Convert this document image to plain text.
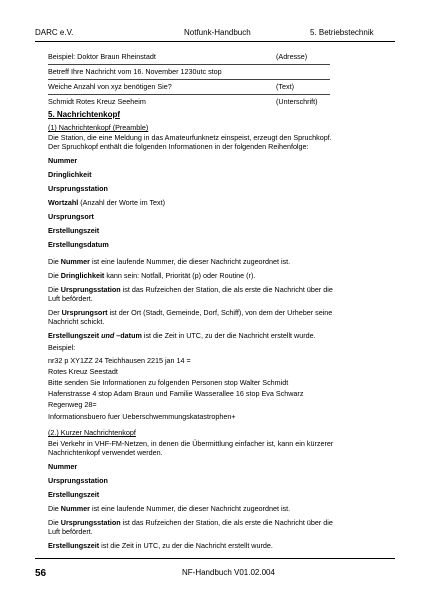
DARC e.V.	Notfunk-Handbuch	5. Betriebstechnik
Beispiel: Doktor Braun Rheinstadt	(Adresse)
Betreff Ihre Nachricht vom 16. November 1230utc stop
Weiche Anzahl von xyz benötigen Sie?	(Text)
Schmidt Rotes Kreuz Seeheim	(Unterschrift)
5. Nachrichtenkopf
(1) Nachrichtenkopf (Preamble)
Die Station, die eine Meldung in das Amateurfunknetz einspeist, erzeugt den Spruchkopf.
Der Spruchkopf enthält die folgenden Informationen in der folgenden Reihenfolge:
Nummer
Dringlichkeit
Ursprungsstation
Wortzahl (Anzahl der Worte im Text)
Ursprungsort
Erstellungszeit
Erstellungsdatum
Die Nummer ist eine laufende Nummer, die dieser Nachricht zugeordnet ist.
Die Dringlichkeit kann sein: Notfall, Priorität (p) oder Routine (r).
Die Ursprungsstation ist das Rufzeichen der Station, die als erste die Nachricht über die
Luft befördert.
Der Ursprungsort ist der Ort (Stadt, Gemeinde, Dorf, Schiff), von dem der Urheber seine
Nachricht schickt.
Erstellungszeit und –datum ist die Zeit in UTC, zu der die Nachricht erstellt wurde.
Beispiel:
nr32 p XY1ZZ 24 Teichhausen 2215 jan 14 =
Rotes Kreuz Seestadt
Bitte senden Sie Informationen zu folgenden Personen stop Walter Schmidt
Hafenstrasse 4 stop Adam Braun und Familie Wasserallee 16 stop Eva Schwarz
Regenweg 28=
Informationsbuero fuer Ueberschwemmungskatastrophen+
(2.) Kurzer Nachrichtenkopf
Bei Verkehr in VHF-FM-Netzen, in denen die Übermittlung einfacher ist, kann ein kürzerer
Nachrichtenkopf verwendet werden.
Nummer
Ursprungsstation
Erstellungszeit
Die Nummer ist eine laufende Nummer, die dieser Nachricht zugeordnet ist.
Die Ursprungsstation ist das Rufzeichen der Station, die als erste die Nachricht über die
Luft befördert.
Erstellungszeit ist die Zeit in UTC, zu der die Nachricht erstellt wurde.
56	NF-Handbuch V01.02.004
